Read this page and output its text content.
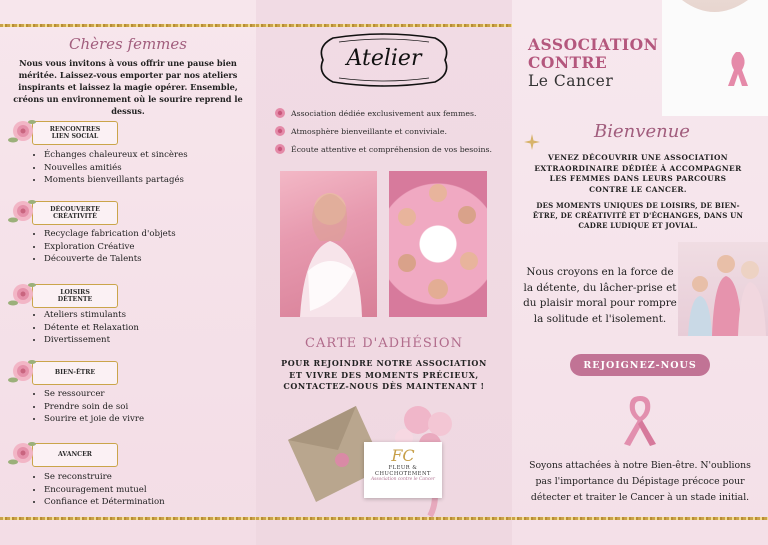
Chères femmes
Nous vous invitons à vous offrir une pause bien méritée. Laissez-vous emporter par nos ateliers inspirants et laissez la magie opérer. Ensemble, créons un environnement où le sourire reprend le dessus.
RENCONTRES
LIEN SOCIAL
• Échanges chaleureux et sincères
• Nouvelles amitiés
• Moments bienveillants partagés
DÉCOUVERTE
CRÉATIVITÉ
• Recyclage fabrication d'objets
• Exploration Créative
• Découverte de Talents
LOISIRS
DÉTENTE
• Ateliers stimulants
• Détente et Relaxation
• Divertissement
BIEN-ÊTRE
• Se ressourcer
• Prendre soin de soi
• Sourire et joie de vivre
AVANCER
• Se reconstruire
• Encouragement mutuel
• Confiance et Détermination
Atelier
Association dédiée exclusivement aux femmes.
Atmosphère bienveillante et conviviale.
Écoute attentive et compréhension de vos besoins.
CARTE D'ADHÉSION
POUR REJOINDRE NOTRE ASSOCIATION ET VIVRE DES MOMENTS PRÉCIEUX, CONTACTEZ-NOUS DÈS MAINTENANT !
FC
FLEUR &
CHUCHOTEMENT
Association contre le Cancer
ASSOCIATION
CONTRE
Le Cancer
Bienvenue
VENEZ DÉCOUVRIR UNE ASSOCIATION EXTRAORDINAIRE DÉDIÉE À ACCOMPAGNER LES FEMMES DANS LEURS PARCOURS CONTRE LE CANCER.
DES MOMENTS UNIQUES DE LOISIRS, DE BIEN-ÊTRE, DE CRÉATIVITÉ ET D'ÉCHANGES, DANS UN CADRE LUDIQUE ET JOVIAL.
Nous croyons en la force de la détente, du lâcher-prise et du plaisir moral pour rompre la solitude et l'isolement.
REJOIGNEZ-NOUS
Soyons attachées à notre Bien-être. N'oublions pas l'importance du Dépistage précoce pour détecter et traiter le Cancer à un stade initial.
